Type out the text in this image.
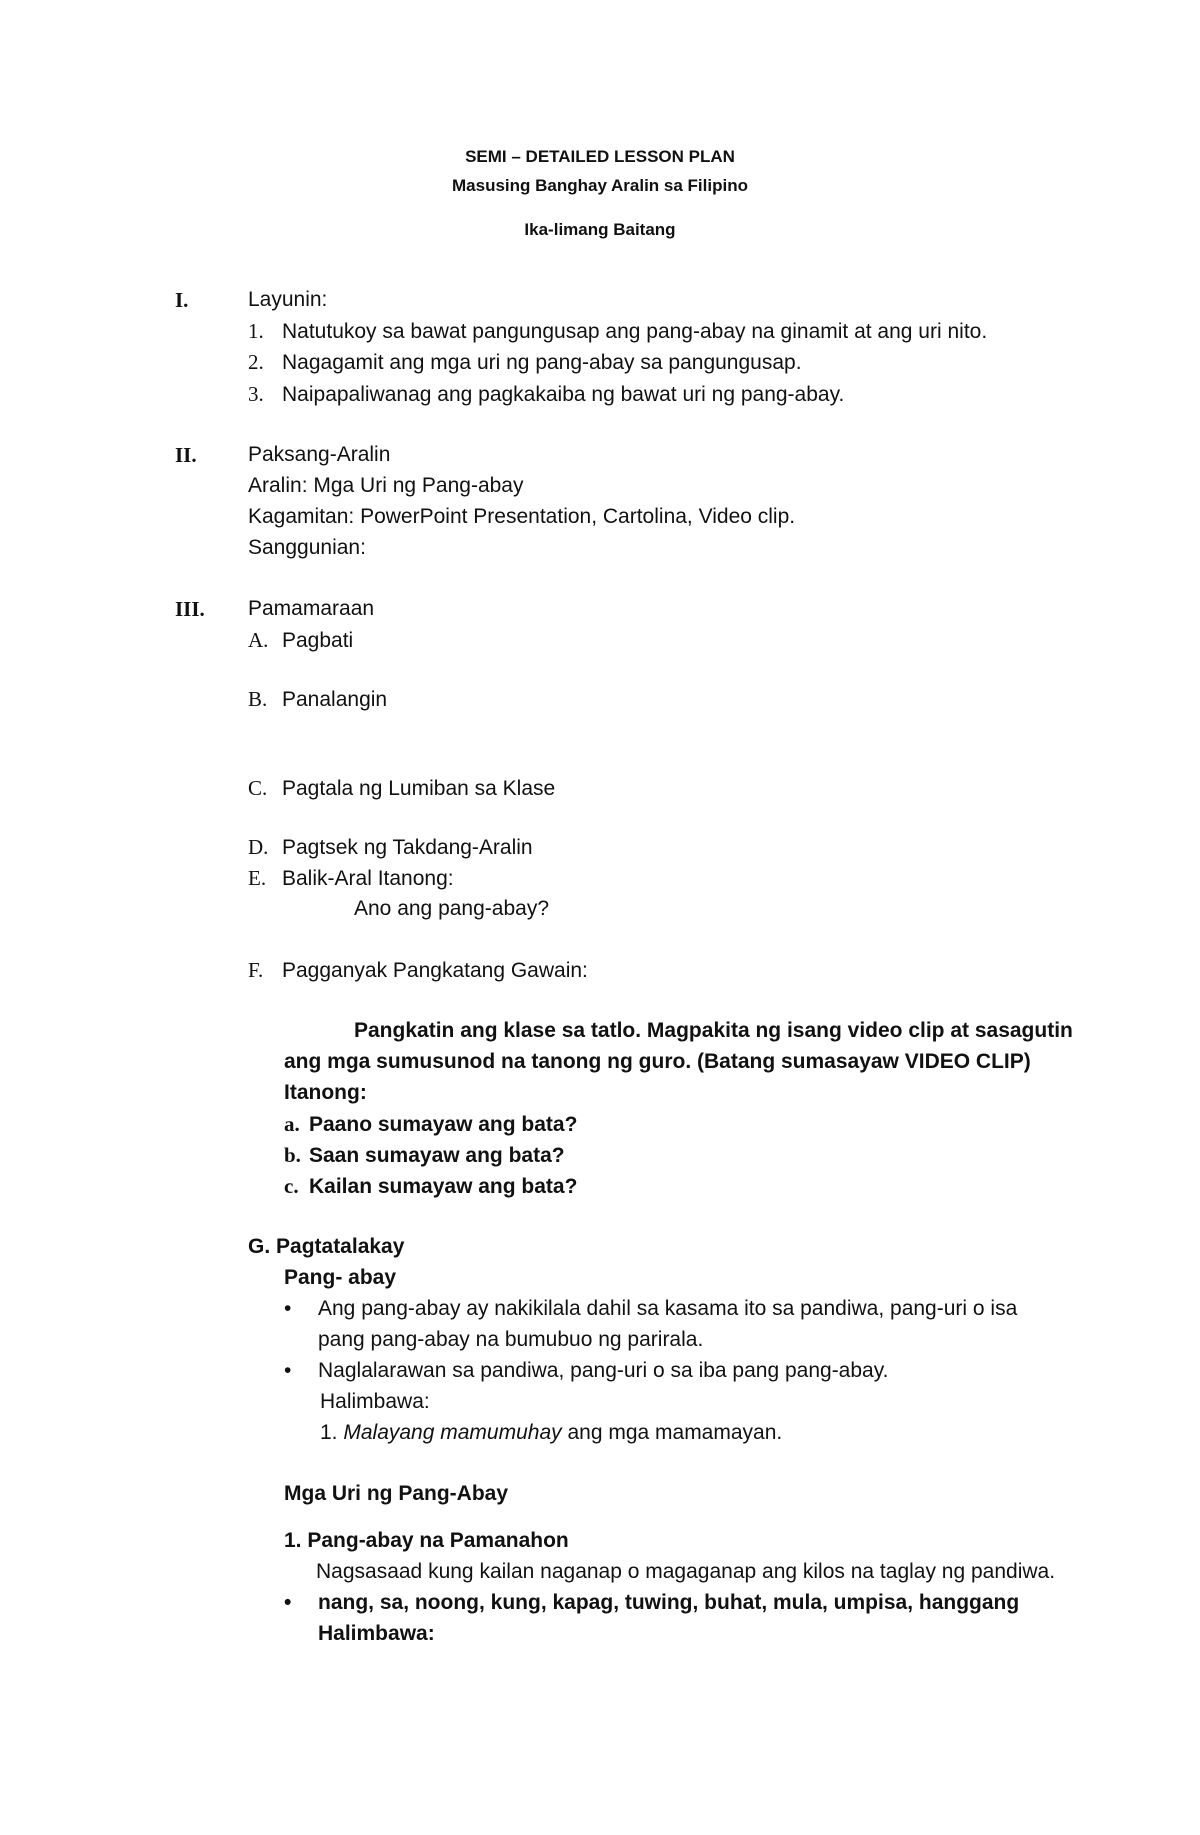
SEMI – DETAILED LESSON PLAN
Masusing Banghay Aralin sa Filipino
Ika-limang Baitang
I.	Layunin:
1. Natutukoy sa bawat pangungusap ang pang-abay na ginamit at ang uri nito.
2. Nagagamit ang mga uri ng pang-abay sa pangungusap.
3. Naipapaliwanag ang pagkakaiba ng bawat uri ng pang-abay.
II. Paksang-Aralin
Aralin: Mga Uri ng Pang-abay
Kagamitan: PowerPoint Presentation, Cartolina, Video clip.
Sanggunian:
III. Pamamaraan
A. Pagbati
B. Panalangin
C. Pagtala ng Lumiban sa Klase
D. Pagtsek ng Takdang-Aralin
E. Balik-Aral Itanong:
Ano ang pang-abay?
F. Pagganyak Pangkatang Gawain:
Pangkatin ang klase sa tatlo. Magpakita ng isang video clip at sasagutin
ang mga sumusunod na tanong ng guro. (Batang sumasayaw VIDEO CLIP)
Itanong:
a. Paano sumayaw ang bata?
b. Saan sumayaw ang bata?
c. Kailan sumayaw ang bata?
G. Pagtatalakay
Pang- abay
• Ang pang-abay ay nakikilala dahil sa kasama ito sa pandiwa, pang-uri o isa
pang pang-abay na bumubuo ng parirala.
• Naglalarawan sa pandiwa, pang-uri o sa iba pang pang-abay.
Halimbawa:
1. Malayang mamumuhay ang mga mamamayan.
Mga Uri ng Pang-Abay
1. Pang-abay na Pamanahon
Nagsasaad kung kailan naganap o magaganap ang kilos na taglay ng pandiwa.
• nang, sa, noong, kung, kapag, tuwing, buhat, mula, umpisa, hanggang
Halimbawa:
